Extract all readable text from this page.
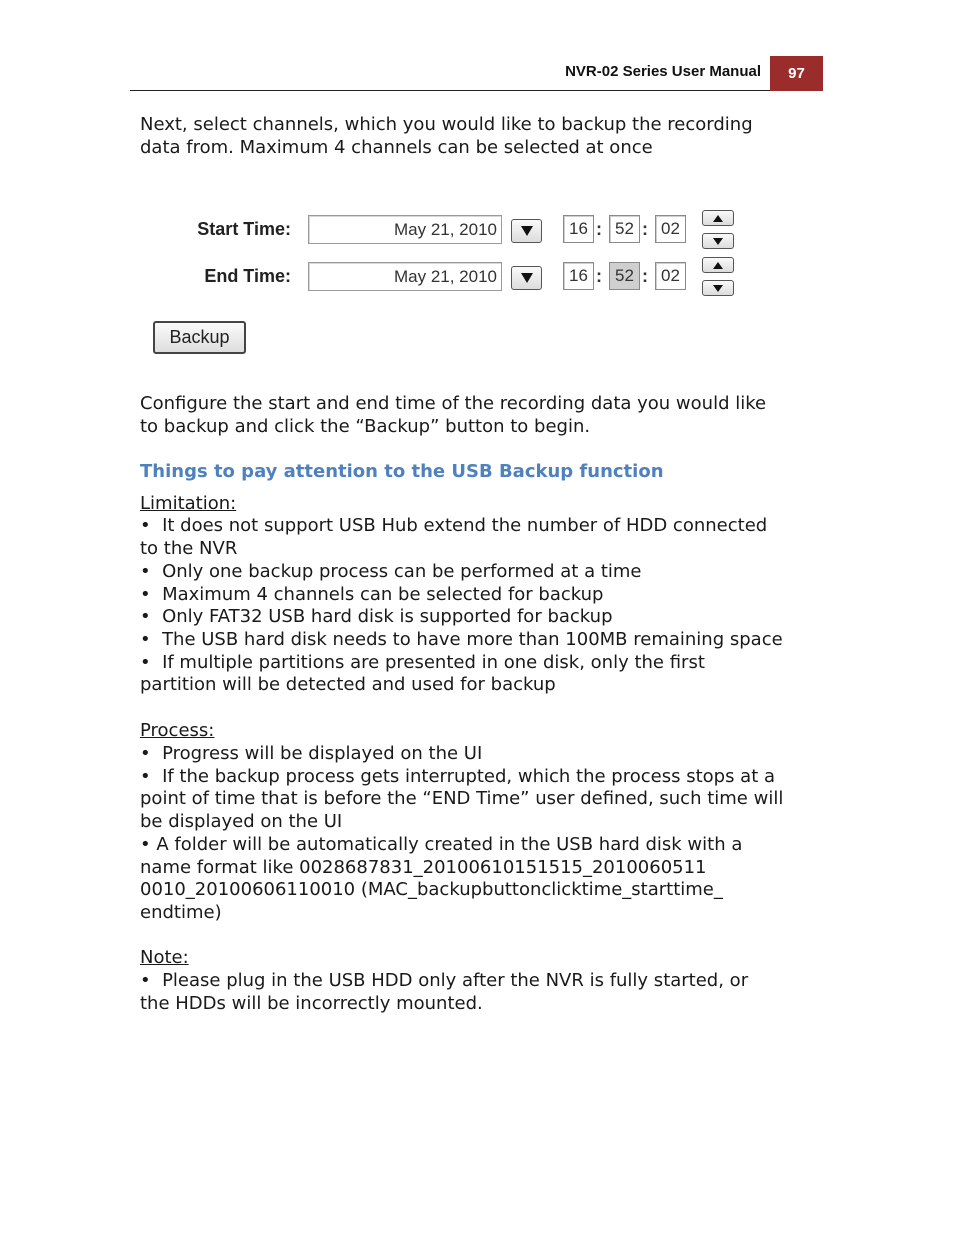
NVR-02 Series User Manual 97

Next, select channels, which you would like to backup the recording

data from. Maximum 4 channels can be selected at once

Start Time:	May 21, 2010	16 : 52 : 02
End Time:	May 21, 2010	16 : 52 : 02
Backup

Configure the start and end time of the recording data you would like

to backup and click the “Backup” button to begin.

Things to pay attention to the USB Backup function

Limitation:

•  It does not support USB Hub extend the number of HDD connected

to the NVR

•  Only one backup process can be performed at a time

•  Maximum 4 channels can be selected for backup

•  Only FAT32 USB hard disk is supported for backup

•  The USB hard disk needs to have more than 100MB remaining space

•  If multiple partitions are presented in one disk, only the first

partition will be detected and used for backup

Process:

•  Progress will be displayed on the UI

•  If the backup process gets interrupted, which the process stops at a

point of time that is before the “END Time” user defined, such time will

be displayed on the UI

• A folder will be automatically created in the USB hard disk with a

name format like 0028687831_20100610151515_2010060511

0010_20100606110010 (MAC_backupbuttonclicktime_starttime_

endtime)

Note:

•  Please plug in the USB HDD only after the NVR is fully started, or

the HDDs will be incorrectly mounted.
